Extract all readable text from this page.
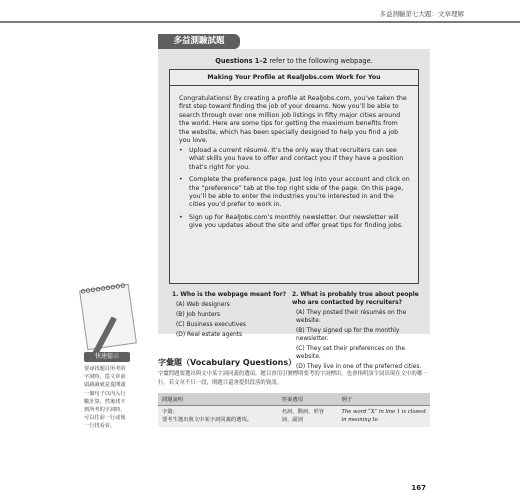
多益測驗第七大題：文章理解
多益測驗試題
Questions 1–2 refer to the following webpage.
Making Your Profile at RealJobs.com Work for You
Congratulations! By creating a profile at RealJobs.com, you’ve taken the first step toward finding the job of your dreams. Now you’ll be able to search through over one million job listings in fifty major cities around the world. Here are some tips for getting the maximum benefits from the website, which has been specially designed to help you find a job you love.
• Upload a current résumé. It’s the only way that recruiters can see what skills you have to offer and contact you if they have a position that’s right for you.
• Complete the preference page. Just log into your account and click on the “preference” tab at the top right side of the page. On this page, you’ll be able to enter the industries you’re interested in and the cities you’d prefer to work in.
• Sign up for RealJobs.com’s monthly newsletter. Our newsletter will give you updates about the site and offer great tips for finding jobs.
1. Who is the webpage meant for?
(A) Web designers
(B) Job hunters
(C) Business executives
(D) Real estate agents
2. What is probably true about people who are contacted by recruiters?
(A) They posted their résumés on the website.
(B) They signed up for the monthly newsletter.
(C) They set their preferences on the website.
(D) They live in one of the preferred cities.
快速提示
要尋找題目所考的字詞時，從文章前頭讀讀就是從開頭一個句子以內入行數計算，然後找不到所考的字詞時，可以往前一行或後一行找看看。
字彙題（Vocabulary Questions）
字彙問題要選出與文中某字詞同義的選項。題目會用引號標明要考的字詞標出，也會指明該字詞出現在文中的哪一行，若文章不只一段，則題目還會提供段落的資訊。
問題說明	答案選項	例子
字彙：
要考生選出與文中某字詞同義的選項。	名詞、動詞、形容詞、副詞	The word “X” in line 1 is closest in meaning to
167
